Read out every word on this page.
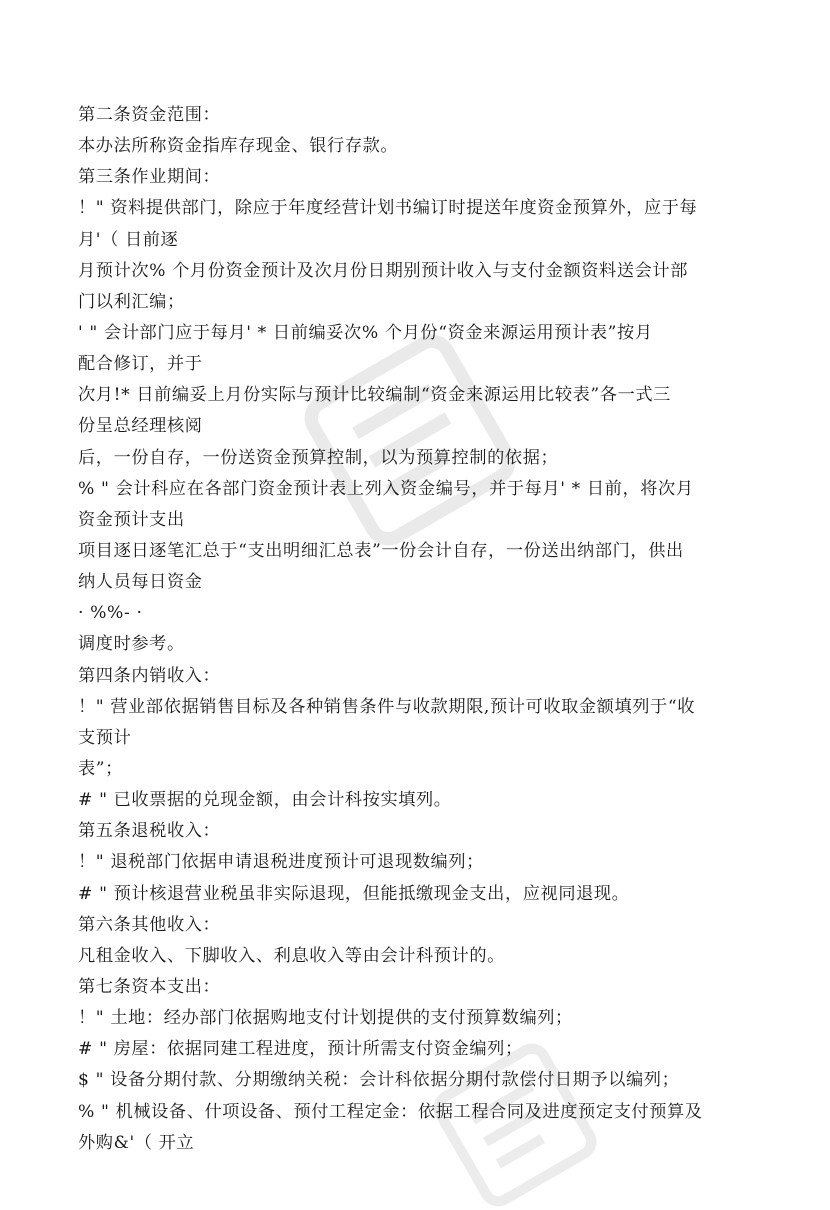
第二条资金范围：
本办法所称资金指库存现金、银行存款。
第三条作业期间：
！" 资料提供部门，除应于年度经营计划书编订时提送年度资金预算外，应于每
月'（ 日前逐
月预计次% 个月份资金预计及次月份日期别预计收入与支付金额资料送会计部
门以利汇编；
' " 会计部门应于每月' * 日前编妥次% 个月份“资金来源运用预计表”按月
配合修订，并于
次月!* 日前编妥上月份实际与预计比较编制“资金来源运用比较表”各一式三
份呈总经理核阅
后，一份自存，一份送资金预算控制，以为预算控制的依据；
% " 会计科应在各部门资金预计表上列入资金编号，并于每月' * 日前，将次月
资金预计支出
项目逐日逐笔汇总于“支出明细汇总表”一份会计自存，一份送出纳部门，供出
纳人员每日资金
· %%- ·
调度时参考。
第四条内销收入：
！" 营业部依据销售目标及各种销售条件与收款期限,预计可收取金额填列于“收
支预计
表”；
# " 已收票据的兑现金额，由会计科按实填列。
第五条退税收入：
！" 退税部门依据申请退税进度预计可退现数编列；
# " 预计核退营业税虽非实际退现，但能抵缴现金支出，应视同退现。
第六条其他收入：
凡租金收入、下脚收入、利息收入等由会计科预计的。
第七条资本支出：
！" 土地：经办部门依据购地支付计划提供的支付预算数编列；
# " 房屋：依据同建工程进度，预计所需支付资金编列；
$ " 设备分期付款、分期缴纳关税：会计科依据分期付款偿付日期予以编列；
% " 机械设备、什项设备、预付工程定金：依据工程合同及进度预定支付预算及
外购&'（ 开立
